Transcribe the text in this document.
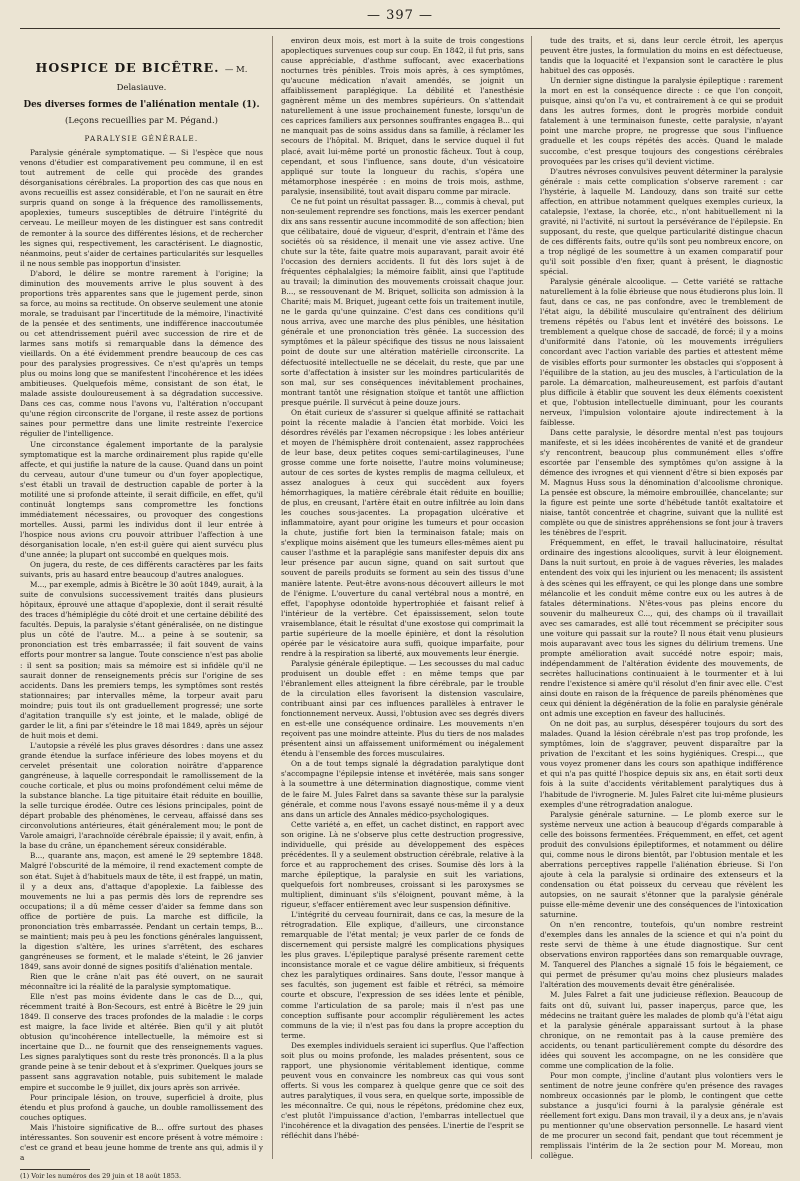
— 397 —
HOSPICE DE BICÊTRE. — M. Delasiauve.
Des diverses formes de l'aliénation mentale (1).
(Leçons recueillies par M. Pégand.)
PARALYSIE GÉNÉRALE.

Paralysie générale symptomatique. — Si l'espèce que nous venons d'étudier est comparativement peu commune, il en est tout autrement de celle qui procède des grandes désorganisations cérébrales. La proportion des cas que nous en avons recueillis est assez considérable, et l'on ne saurait en être surpris quand on songe à la fréquence des ramollissements, apoplexies, tumeurs susceptibles de détruire l'intégrité du cerveau. Le meilleur moyen de les distinguer est sans contredit de remonter à la source des différentes lésions, et de rechercher les signes qui, respectivement, les caractérisent. Le diagnostic, néanmoins, peut s'aider de certaines particularités sur lesquelles il ne nous semble pas inopportun d'insister.

D'abord, le délire se montre rarement à l'origine; la diminution des mouvements arrive le plus souvent à des proportions très apparentes sans que le jugement perde, sinon sa force, au moins sa rectitude. On observe seulement une atonie morale, se traduisant par l'incertitude de la mémoire, l'inactivité de la pensée et des sentiments, une indifférence inaccoutumée ou cet attendrissement puéril avec succession de rire et de larmes sans motifs si remarquable dans la démence des vieillards. On a été évidemment prendre beaucoup de ces cas pour des paralysies progressives. Ce n'est qu'après un temps plus ou moins long que se manifestent l'incohérence et les idées ambitieuses. Quelquefois même, consistant de son état, le malade assiste douloureusement à sa dégradation successive. Dans ces cas, comme nous l'avons vu, l'altération n'occupant qu'une région circonscrite de l'organe, il reste assez de portions saines pour permettre dans une limite restreinte l'exercice régulier de l'intelligence.

Une circonstance également importante de la paralysie symptomatique est la marche ordinairement plus rapide qu'elle affecte, et qui justifie la nature de la cause. Quand dans un point du cerveau, autour d'une tumeur ou d'un foyer apoplectique, s'est établi un travail de destruction capable de porter à la motilité une si profonde atteinte, il serait difficile, en effet, qu'il continuât longtemps sans compromettre les fonctions immédiatement nécessaires, ou provoquer des congestions mortelles. Aussi, parmi les individus dont il leur entrée à l'hospice nous avions cru pouvoir attribuer l'affection à une désorganisation locale, n'en est-il guère qui aient survécu plus d'une année; la plupart ont succombé en quelques mois.

On jugera, du reste, de ces différents caractères par les faits suivants, pris au hasard entre beaucoup d'autres analogues.

M..., par exemple, admis à Bicêtre le 30 août 1849, aurait, à la suite de convulsions successivement traités dans plusieurs hôpitaux, éprouvé une attaque d'apoplexie, dont il serait résulté des traces d'hémiplégie du côté droit et une certaine débilité des facultés. Depuis, la paralysie s'étant généralisée, on ne distingue plus un côté de l'autre. M... a peine à se soutenir, sa prononciation est très embarrassée; il fait souvent de vains efforts pour montrer sa langue. Toute conscience n'est pas abolie : il sent sa position; mais sa mémoire est si infidèle qu'il ne saurait donner de renseignements précis sur l'origine de ses accidents. Dans les premiers temps, les symptômes sont restés stationnaires; par intervalles même, la torpeur avait paru moindre; puis tout ils ont graduellement progressé; une sorte d'agitation tranquille s'y est jointe, et le malade, obligé de garder le lit, a fini par s'éteindre le 18 mai 1849, après un séjour de huit mois et demi.

L'autopsie a révélé les plus graves désordres : dans une assez grande étendue la surface inférieure des lobes moyens et du cervelet présentait une coloration noirâtre d'apparence gangréneuse, à laquelle correspondait le ramollissement de la couche corticale, et plus ou moins profondément celui même de la substance blanche. La tige pituitaire était réduite en bouillie, la selle turcique érodée. Outre ces lésions principales, point de départ probable des phénomènes, le cerveau, affaissé dans ses circonvolutions antérieures, était généralement mou; le pont de Varole amaigri, l'arachnoïde cérébrale épaissie; il y avait, enfin, à la base du crâne, un épanchement séreux considérable.

B..., quarante ans, maçon, est amené le 29 septembre 1848. Malgré l'obscurité de la mémoire, il rend exactement compte de son état. Sujet à d'habituels maux de tête, il est frappé, un matin, il y a deux ans, d'attaque d'apoplexie. La faiblesse des mouvements ne lui a pas permis dès lors de reprendre ses occupations; il a dû même cesser d'aider sa femme dans son office de portière de puis. La marche est difficile, la prononciation très embarrassée. Pendant un certain temps, B... se maintient; mais peu à peu les fonctions générales languissent, la digestion s'altère, les urines s'arrêtent, des eschares gangréneuses se forment, et le malade s'éteint, le 26 janvier 1849, sans avoir donné de signes positifs d'aliénation mentale.

Rien que le crâne n'ait pas été ouvert, on ne saurait méconnaître ici la réalité de la paralysie symptomatique.

Elle n'est pas moins évidente dans le cas de D..., qui, récemment traité à Bon-Secours, est entré à Bicêtre le 29 juin 1849. Il conserve des traces profondes de la maladie : le corps est maigre, la face livide et altérée. Bien qu'il y ait plutôt obtusion qu'incohérence intellectuelle, la mémoire est si incertaine que D... ne fournit que des renseignements vagues. Les signes paralytiques sont du reste très prononcés. Il a la plus grande peine à se tenir debout et à s'exprimer. Quelques jours se passent sans aggravation notable, puis subitement le malade empire et succombe le 9 juillet, dix jours après son arrivée.

Pour principale lésion, on trouve, superficiel à droite, plus étendu et plus profond à gauche, un double ramollissement des couches optiques.

Mais l'histoire significative de B... offre surtout des phases intéressantes. Son souvenir est encore présent à votre mémoire : c'est ce grand et beau jeune homme de trente ans qui, admis il y a

(1) Voir les numéros des 29 juin et 18 août 1853.

environ deux mois, est mort à la suite de trois congestions apoplectiques survenues coup sur coup. En 1842, il fut pris, sans cause appréciable, d'asthme suffocant, avec exacerbations nocturnes très pénibles. Trois mois après, à ces symptômes, qu'aucune médication n'avait amendés, se joignit un affaiblissement paraplégique. La débilité et l'anesthésie gagnèrent même un des membres supérieurs. On s'attendait naturellement à une issue prochainement funeste, lorsqu'un de ces caprices familiers aux personnes souffrantes engagea B... qui ne manquait pas de soins assidus dans sa famille, à réclamer les secours de l'hôpital. M. Briquet, dans le service duquel il fut placé, avait lui-même porté un pronostic fâcheux. Tout à coup, cependant, et sous l'influence, sans doute, d'un vésicatoire appliqué sur toute la longueur du rachis, s'opéra une métamorphose inespérée : en moins de trois mois, asthme, paralysie, insensibilité, tout avait disparu comme par miracle.

Ce ne fut point un résultat passager. B..., commis à cheval, put non-seulement reprendre ses fonctions, mais les exercer pendant dix ans sans ressentir aucune incommodité de son affection; bien que célibataire, doué de vigueur, d'esprit, d'entrain et l'âme des sociétés où sa résidence, il menait une vie assez active. Une chute sur la tête, faite quatre mois auparavant, parait avoir été l'occasion des derniers accidents. Il fut dès lors sujet à de fréquentes céphalalgies; la mémoire faiblit, ainsi que l'aptitude au travail; la diminution des mouvements croissait chaque jour. B..., se ressouvenant de M. Briquet, sollicita son admission à la Charité; mais M. Briquet, jugeant cette fois un traitement inutile, ne le garda qu'une quinzaine. C'est dans ces conditions qu'il nous arriva, avec une marche des plus pénibles, une hésitation générale et une prononciation très gênée. La succession des symptômes et la pâleur spécifique des tissus ne nous laissaient point de doute sur une altération matérielle circonscrite. La défectuosité intellectuelle ne se décelait, du reste, que par une sorte d'affectation à insister sur les moindres particularités de son mal, sur ses conséquences inévitablement prochaines, montrant tantôt une résignation stoïque et tantôt une affliction presque puérile. Il survécut à peine douze jours.

On était curieux de s'assurer si quelque affinité se rattachait point la récente maladie à l'ancien état morbide. Voici les désordres révélés par l'examen nécropsique : les lobes antérieur et moyen de l'hémisphère droit contenaient, assez rapprochées de leur base, deux petites coques semi-cartilagineuses, l'une grosse comme une forte noisette, l'autre moins volumineuse; autour de ces sortes de kystes remplis de magma celluleux, et assez analogues à ceux qui succèdent aux foyers hémorrhagiques, la matière cérébrale était réduite en bouillie; de plus, en creusant, l'artère était en outre infiltrée au loin dans les couches sous-jacentes. La propagation ulcérative et inflammatoire, ayant pour origine les tumeurs et pour occasion la chute, justifie fort bien la terminaison fatale; mais on s'explique moins aisément que les tumeurs elles-mêmes aient pu causer l'asthme et la paraplégie sans manifester depuis dix ans leur présence par aucun signe, quand on sait surtout que souvent de pareils produits se forment au sein des tissus d'une manière latente. Peut-être avons-nous découvert ailleurs le mot de l'énigme. L'ouverture du canal vertébral nous a montré, en effet, l'apophyse odontoïde hypertrophiée et faisant relief à l'intérieur de la vertèbre. Cet épaississement, selon toute vraisemblance, était le résultat d'une exostose qui comprimait la partie supérieure de la moelle épinière, et dont la résolution opérée par le vésicatoire aura suffi, quoique imparfaite, pour rendre à la respiration sa liberté, aux mouvements leur énergie.

Paralysie générale épileptique. — Les secousses du mal caduc produisent un double effet : en même temps que par l'ébranlement elles atteignent la fibre cérébrale, par le trouble de la circulation elles favorisent la distension vasculaire, contribuant ainsi par ces influences parallèles à entraver le fonctionnement nerveux. Aussi, l'obtusion avec ses degrés divers en est-elle une conséquence ordinaire. Les mouvements n'en reçoivent pas une moindre atteinte. Plus du tiers de nos malades présentent ainsi un affaissement uniformément ou inégalement étendu à l'ensemble des forces musculaires.

On a de tout temps signalé la dégradation paralytique dont s'accompagne l'épilepsie intense et invétérée, mais sans songer à la soumettre à une détermination diagnostique, comme vient de le faire M. Jules Falret dans sa savante thèse sur la paralysie générale, et comme nous l'avons essayé nous-même il y a deux ans dans un article des Annales médico-psychologiques.

Cette variété a, en effet, un cachet distinct, en rapport avec son origine. Là ne s'observe plus cette destruction progressive, individuelle, qui préside au développement des espèces précédentes. Il y a seulement obstruction cérébrale, relative à la force et au rapprochement des crises. Soumise dès lors à la marche épileptique, la paralysie en suit les variations, quelquefois fort nombreuses, croissant si les paroxysmes se multiplient, diminuant s'ils s'éloignent, pouvant même, à la rigueur, s'effacer entièrement avec leur suspension définitive.

L'intégrité du cerveau fournirait, dans ce cas, la mesure de la rétrogradation. Elle explique, d'ailleurs, une circonstance remarquable de l'état mental; je veux parler de ce fonds de discernement qui persiste malgré les complications physiques les plus graves. L'épileptique paralysé présente rarement cette inconsistance morale et ce vague délire ambitieux, si fréquents chez les paralytiques ordinaires. Sans doute, l'essor manque à ses facultés, son jugement est faible et rétréci, sa mémoire courte et obscure, l'expression de ses idées lente et pénible, comme l'articulation de sa parole; mais il n'est pas une conception suffisante pour accomplir régulièrement les actes communs de la vie; il n'est pas fou dans la propre acception du terme.

Des exemples individuels seraient ici superflus. Que l'affection soit plus ou moins profonde, les malades présentent, sous ce rapport, une physionomie véritablement identique, comme peuvent vous en convaincre les nombreux cas qui vous sont offerts. Si vous les comparez à quelque genre que ce soit des autres paralytiques, il vous sera, en quelque sorte, impossible de les méconnaître. Ce qui, nous le répétons, prédomine chez eux, c'est plutôt l'impuissance d'action, l'embarras intellectuel que l'incohérence et la divagation des pensées. L'inertie de l'esprit se réfléchit dans l'hébé-

tude des traits, et si, dans leur cercle étroit, les aperçus peuvent être justes, la formulation du moins en est défectueuse, tandis que la loquacité et l'expansion sont le caractère le plus habituel des cas opposés.

Un dernier signe distingue la paralysie épileptique : rarement la mort en est la conséquence directe : ce que l'on conçoit, puisque, ainsi qu'on l'a vu, et contrairement à ce qui se produit dans les autres formes, dont le progrès morbide conduit fatalement à une terminaison funeste, cette paralysie, n'ayant point une marche propre, ne progresse que sous l'influence graduelle et les coups répétés des accès. Quand le malade succombe, c'est presque toujours des congestions cérébrales provoquées par les crises qu'il devient victime.

D'autres névroses convulsives peuvent déterminer la paralysie générale : mais cette complication s'observe rarement : car l'hystérie, à laquelle M. Landouzy, dans son traité sur cette affection, en attribue notamment quelques exemples curieux, la catalepsie, l'extase, la chorée, etc., n'ont habituellement ni la gravité, ni l'activité, ni surtout la persévérance de l'épilepsie. En supposant, du reste, que quelque particularité distingue chacun de ces différents faits, outre qu'ils sont peu nombreux encore, on a trop négligé de les soumettre à un examen comparatif pour qu'il soit possible d'en fixer, quant à présent, le diagnostic spécial.

Paralysie générale alcoolique. — Cette variété se rattache naturellement à la folie ébrieuse que nous étudierons plus loin. Il faut, dans ce cas, ne pas confondre, avec le tremblement de l'état aigu, la débilité musculaire qu'entraînent des délirium tremens répétés ou l'abus lent et invétéré des boissons. Le tremblement a quelque chose de saccadé, de forcé; il y a moins d'uniformité dans l'atonie, où les mouvements irréguliers concordant avec l'action variable des parties et attestent même de visibles efforts pour surmonter les obstacles qui s'opposent à l'équilibre de la station, au jeu des muscles, à l'articulation de la parole. La démarcation, malheureusement, est parfois d'autant plus difficile à établir que souvent les deux éléments coexistent et que, l'obtusion intellectuelle diminuant, pour les courants nerveux, l'impulsion volontaire ajoute indirectement à la faiblesse.

Dans cette paralysie, le désordre mental n'est pas toujours manifeste, et si les idées incohérentes de vanité et de grandeur s'y rencontrent, beaucoup plus communément elles s'offre escortée par l'ensemble des symptômes qu'on assigne à la démence des ivrognes et qui viennent d'être si bien exposés par M. Magnus Huss sous la dénomination d'alcoolisme chronique. La pensée est obscure, la mémoire embrouillée, chancelante; sur la figure est peinte une sorte d'hébétude tantôt exaltatoire et niaise, tantôt concentrée et chagrine, suivant que la nullité est complète ou que de sinistres appréhensions se font jour à travers les ténèbres de l'esprit.

Fréquemment, en effet, le travail hallucinatoire, résultat ordinaire des ingestions alcooliques, survit à leur éloignement. Dans la nuit surtout, en proie à de vagues rêveries, les malades entendent des voix qui les injurient ou les menacent; ils assistent à des scènes qui les effrayent, ce qui les plonge dans une sombre mélancolie et les conduit même contre eux ou les autres à de fatales déterminations. N'êtes-vous pas pleins encore du souvenir du malheureux C..., qui, des champs où il travaillait avec ses camarades, est allé tout récemment se précipiter sous une voiture qui passait sur la route? Il nous était venu plusieurs mois auparavant avec tous les signes du délirium tremens. Une prompte amélioration avait succédé notre espoir; mais, indépendamment de l'altération évidente des mouvements, de secrètes hallucinations continuaient à le tourmenter et à lui rendre l'existence si amère qu'il résolut d'en finir avec elle. C'est ainsi doute en raison de la fréquence de pareils phénomènes que ceux qui dénient la dégénération de la folie en paralysie générale ont admis une exception en faveur des hallucinés.

On ne doit pas, au surplus, désespérer toujours du sort des malades. Quand la lésion cérébrale n'est pas trop profonde, les symptômes, loin de s'aggraver, peuvent disparaître par la privation de l'excitant et les soins hygiéniques. Crespi..., que vous voyez promener dans les cours son apathique indifférence et qui n'a pas quitté l'hospice depuis six ans, en était sorti deux fois à la suite d'accidents véritablement paralytiques dus à l'habitude de l'ivrognerie. M. Jules Falret cite lui-même plusieurs exemples d'une rétrogradation analogue.

Paralysie générale saturnine. — Le plomb exerce sur le système nerveux une action à beaucoup d'égards comparable à celle des boissons fermentées. Fréquemment, en effet, cet agent produit des convulsions épileptiformes, et notamment ou délire qui, comme nous le dirons bientôt, par l'obtusion mentale et les aberrations perceptives rappelle l'aliénation ébrieuse. Si l'on ajoute à cela la paralysie si ordinaire des extenseurs et la condensation ou état poisseux du cerveau que révèlent les autopsies, on ne saurait s'étonner que la paralysie générale puisse elle-même devenir une des conséquences de l'intoxication saturnine.

On n'en rencontre, toutefois, qu'un nombre restreint d'exemples dans les annales de la science et qui n'a point du reste servi de thème à une étude diagnostique. Sur cent observations environ rapportées dans son remarquable ouvrage, M. Tanquerel des Planches a signalé 15 fois le bégaiement, ce qui permet de présumer qu'au moins chez plusieurs malades l'altération des mouvements devait être généralisée.

M. Jules Falret a fait une judicieuse réflexion. Beaucoup de faits ont dû, suivant lui, passer inaperçus, parce que, les médecins ne traitant guère les malades de plomb qu'à l'état aigu et la paralysie générale apparaissant surtout à la phase chronique, on ne remontait pas à la cause première des accidents, ou tenant particulièrement compte du désordre des idées qui souvent les accompagne, on ne les considère que comme une complication de la folie.

Pour mon compte, j'incline d'autant plus volontiers vers le sentiment de notre jeune confrère qu'en présence des ravages nombreux occasionnés par le plomb, le contingent que cette substance a jusqu'ici fourni à la paralysie générale est réellement fort exigu. Dans mon travail, il y a deux ans, je n'avais pu mentionner qu'une observation personnelle. Le hasard vient de me procurer un second fait, pendant que tout récemment je remplissais l'intérim de la 2e section pour M. Moreau, mon collègue.
